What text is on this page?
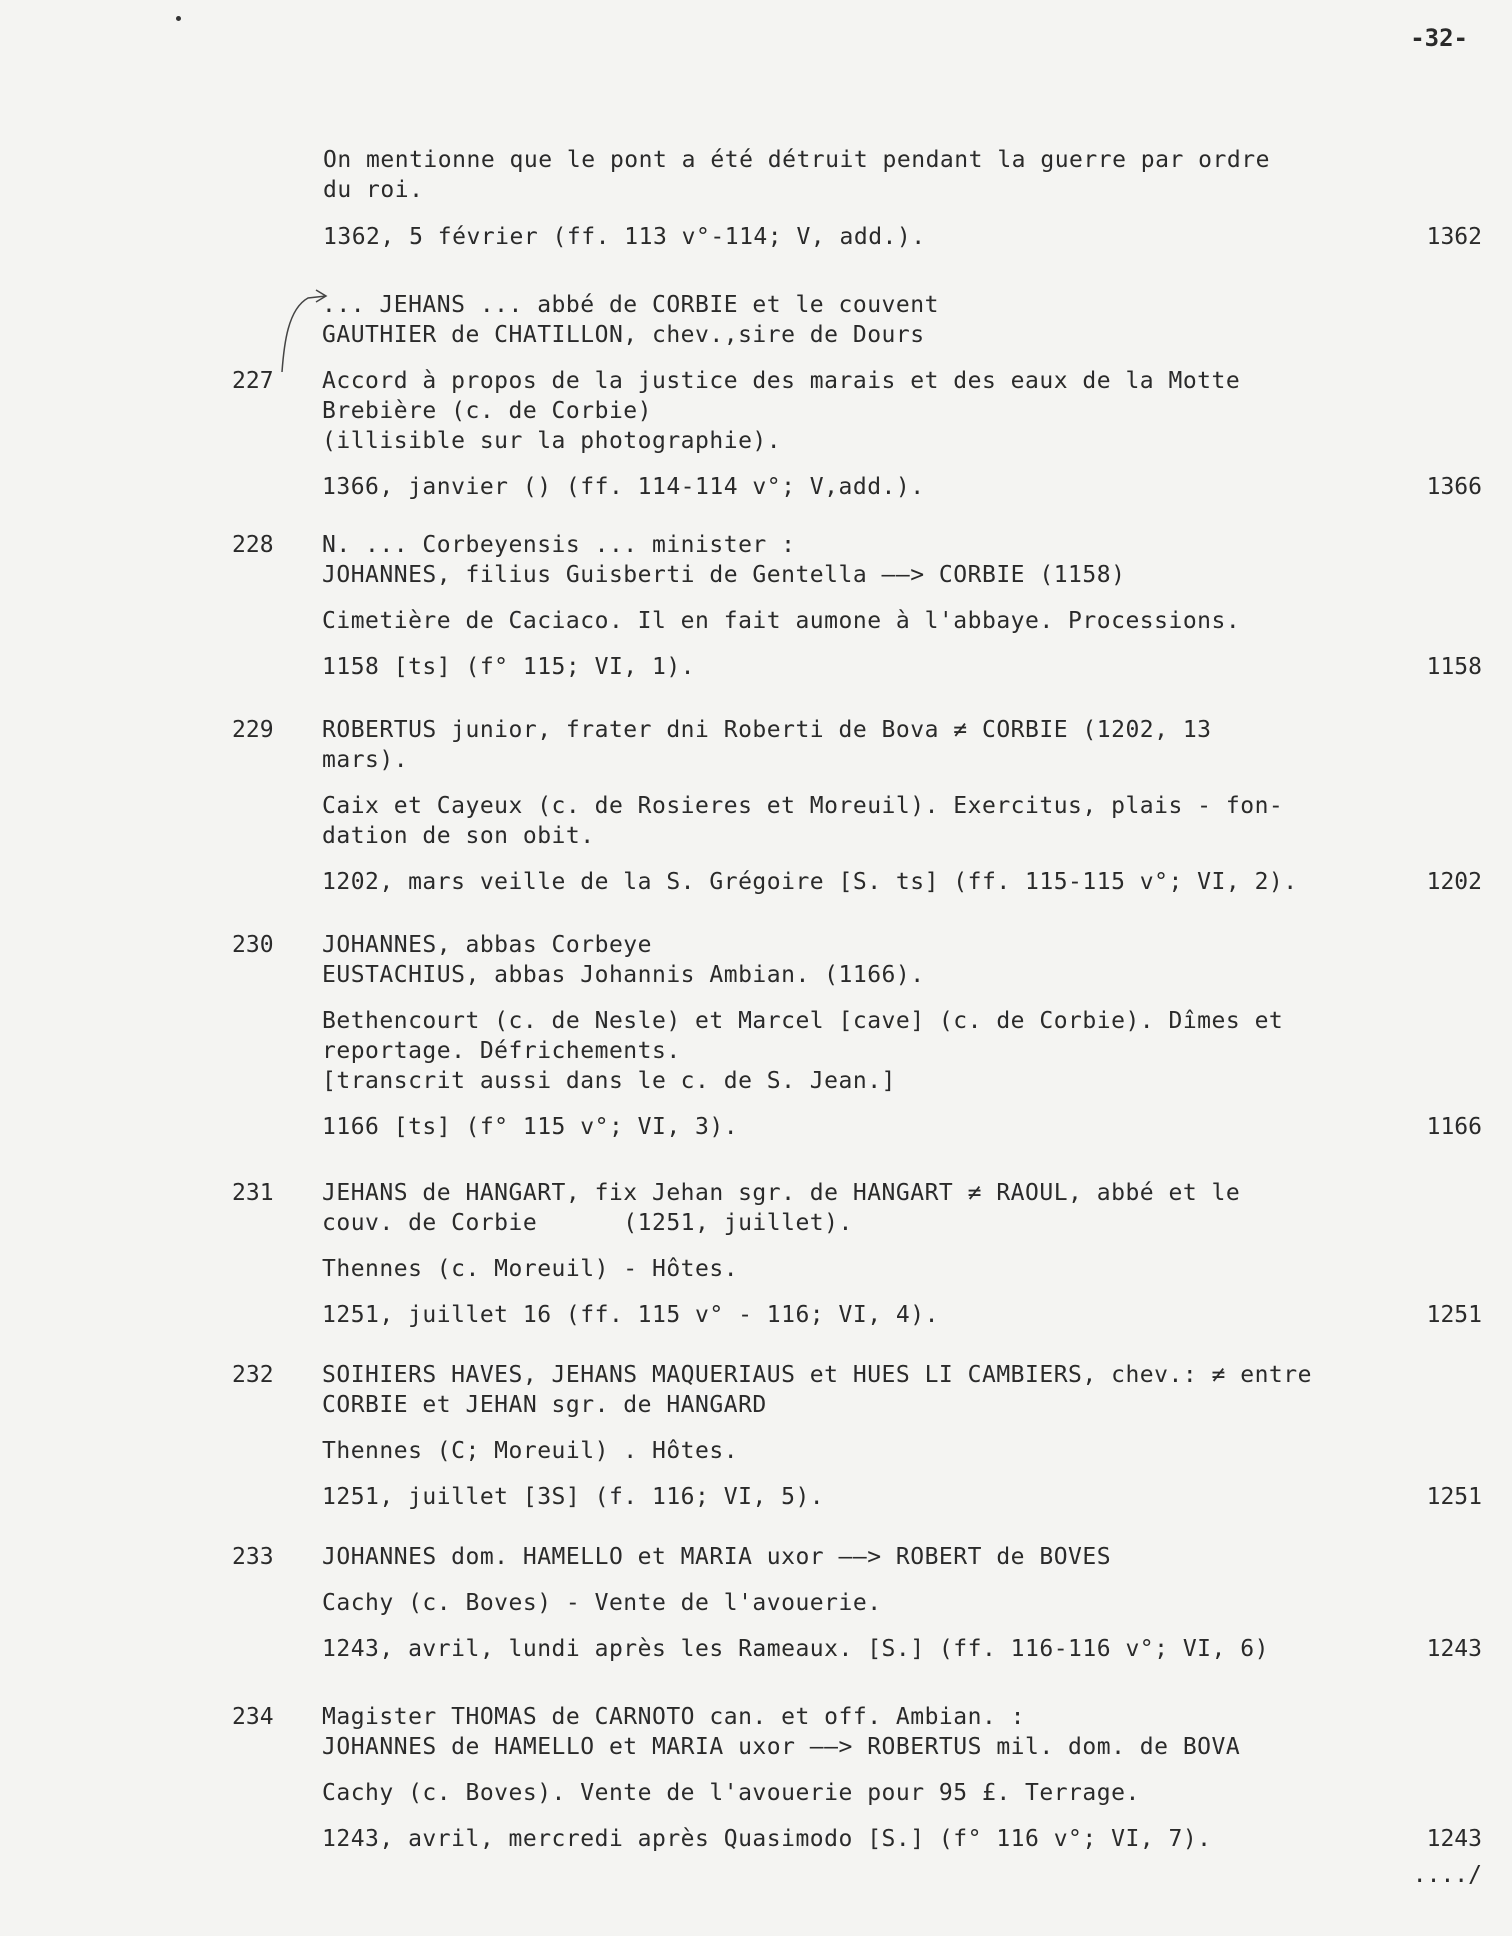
-32-
On mentionne que le pont a été détruit pendant la guerre par ordre
du roi.
1362, 5 février (ff. 113 v°-114; V, add.).	1362
227
... JEHANS ... abbé de CORBIE et le couvent
GAUTHIER de CHATILLON, chev.,sire de Dours
Accord à propos de la justice des marais et des eaux de la Motte
Brebière (c. de Corbie)
(illisible sur la photographie).
1366, janvier () (ff. 114-114 v°; V,add.).	1366
228 N. ... Corbeyensis ... minister :
JOHANNES, filius Guisberti de Gentella ——> CORBIE (1158)
Cimetière de Caciaco. Il en fait aumone à l'abbaye. Processions.
1158 [ts] (f° 115; VI, 1).	1158
229 ROBERTUS junior, frater dni Roberti de Bova ≠ CORBIE (1202, 13
mars).
Caix et Cayeux (c. de Rosieres et Moreuil). Exercitus, plais - fon-
dation de son obit.
1202, mars veille de la S. Grégoire [S. ts] (ff. 115-115 v°; VI, 2).	1202
230 JOHANNES, abbas Corbeye
EUSTACHIUS, abbas Johannis Ambian. (1166).
Bethencourt (c. de Nesle) et Marcel [cave] (c. de Corbie). Dîmes et
reportage. Défrichements.
[transcrit aussi dans le c. de S. Jean.]
1166 [ts] (f° 115 v°; VI, 3).	1166
231 JEHANS de HANGART, fix Jehan sgr. de HANGART ≠ RAOUL, abbé et le
couv. de Corbie      (1251, juillet).
Thennes (c. Moreuil) - Hôtes.
1251, juillet 16 (ff. 115 v° - 116; VI, 4).	1251
232 SOIHIERS HAVES, JEHANS MAQUERIAUS et HUES LI CAMBIERS, chev.: ≠ entre
CORBIE et JEHAN sgr. de HANGARD
Thennes (C; Moreuil) . Hôtes.
1251, juillet [3S] (f. 116; VI, 5).	1251
233 JOHANNES dom. HAMELLO et MARIA uxor ——> ROBERT de BOVES
Cachy (c. Boves) - Vente de l'avouerie.
1243, avril, lundi après les Rameaux. [S.] (ff. 116-116 v°; VI, 6)	1243
234 Magister THOMAS de CARNOTO can. et off. Ambian. :
JOHANNES de HAMELLO et MARIA uxor ——> ROBERTUS mil. dom. de BOVA
Cachy (c. Boves). Vente de l'avouerie pour 95 £. Terrage.
1243, avril, mercredi après Quasimodo [S.] (f° 116 v°; VI, 7).	1243
..../
